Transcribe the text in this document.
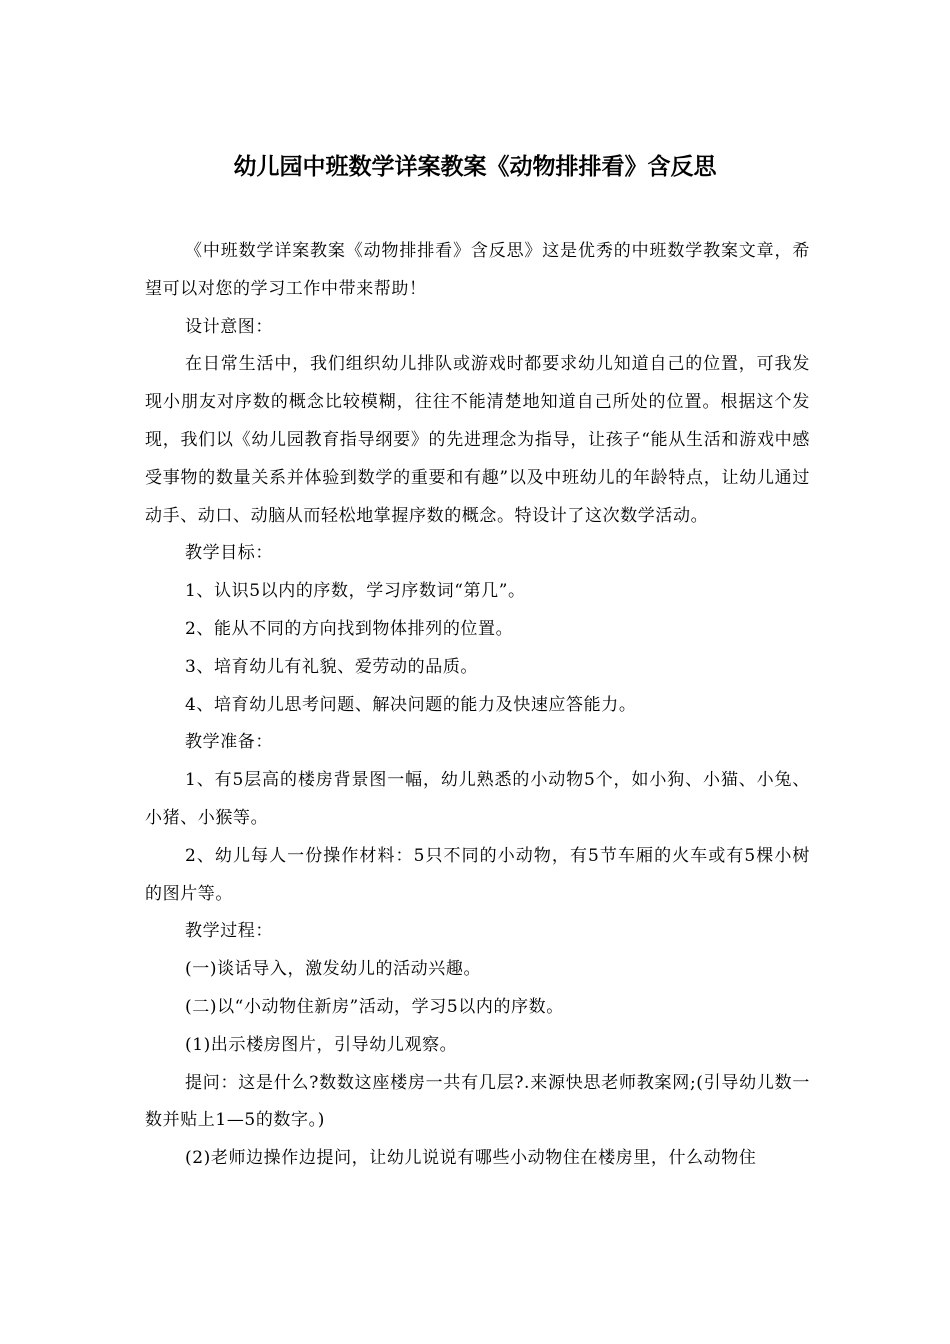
幼儿园中班数学详案教案《动物排排看》含反思

《中班数学详案教案《动物排排看》含反思》这是优秀的中班数学教案文章，希望可以对您的学习工作中带来帮助！

设计意图：

在日常生活中，我们组织幼儿排队或游戏时都要求幼儿知道自己的位置，可我发现小朋友对序数的概念比较模糊，往往不能清楚地知道自己所处的位置。根据这个发现，我们以《幼儿园教育指导纲要》的先进理念为指导，让孩子“能从生活和游戏中感受事物的数量关系并体验到数学的重要和有趣”以及中班幼儿的年龄特点，让幼儿通过动手、动口、动脑从而轻松地掌握序数的概念。特设计了这次数学活动。

教学目标：

1、认识5以内的序数，学习序数词“第几”。

2、能从不同的方向找到物体排列的位置。

3、培育幼儿有礼貌、爱劳动的品质。

4、培育幼儿思考问题、解决问题的能力及快速应答能力。

教学准备：

1、有5层高的楼房背景图一幅，幼儿熟悉的小动物5个，如小狗、小猫、小兔、小猪、小猴等。

2、幼儿每人一份操作材料：5只不同的小动物，有5节车厢的火车或有5棵小树的图片等。

教学过程：

(一)谈话导入，激发幼儿的活动兴趣。

(二)以“小动物住新房”活动，学习5以内的序数。

(1)出示楼房图片，引导幼儿观察。

提问：这是什么?数数这座楼房一共有几层?.来源快思老师教案网;(引导幼儿数一数并贴上1—5的数字。)

(2)老师边操作边提问，让幼儿说说有哪些小动物住在楼房里，什么动物住
